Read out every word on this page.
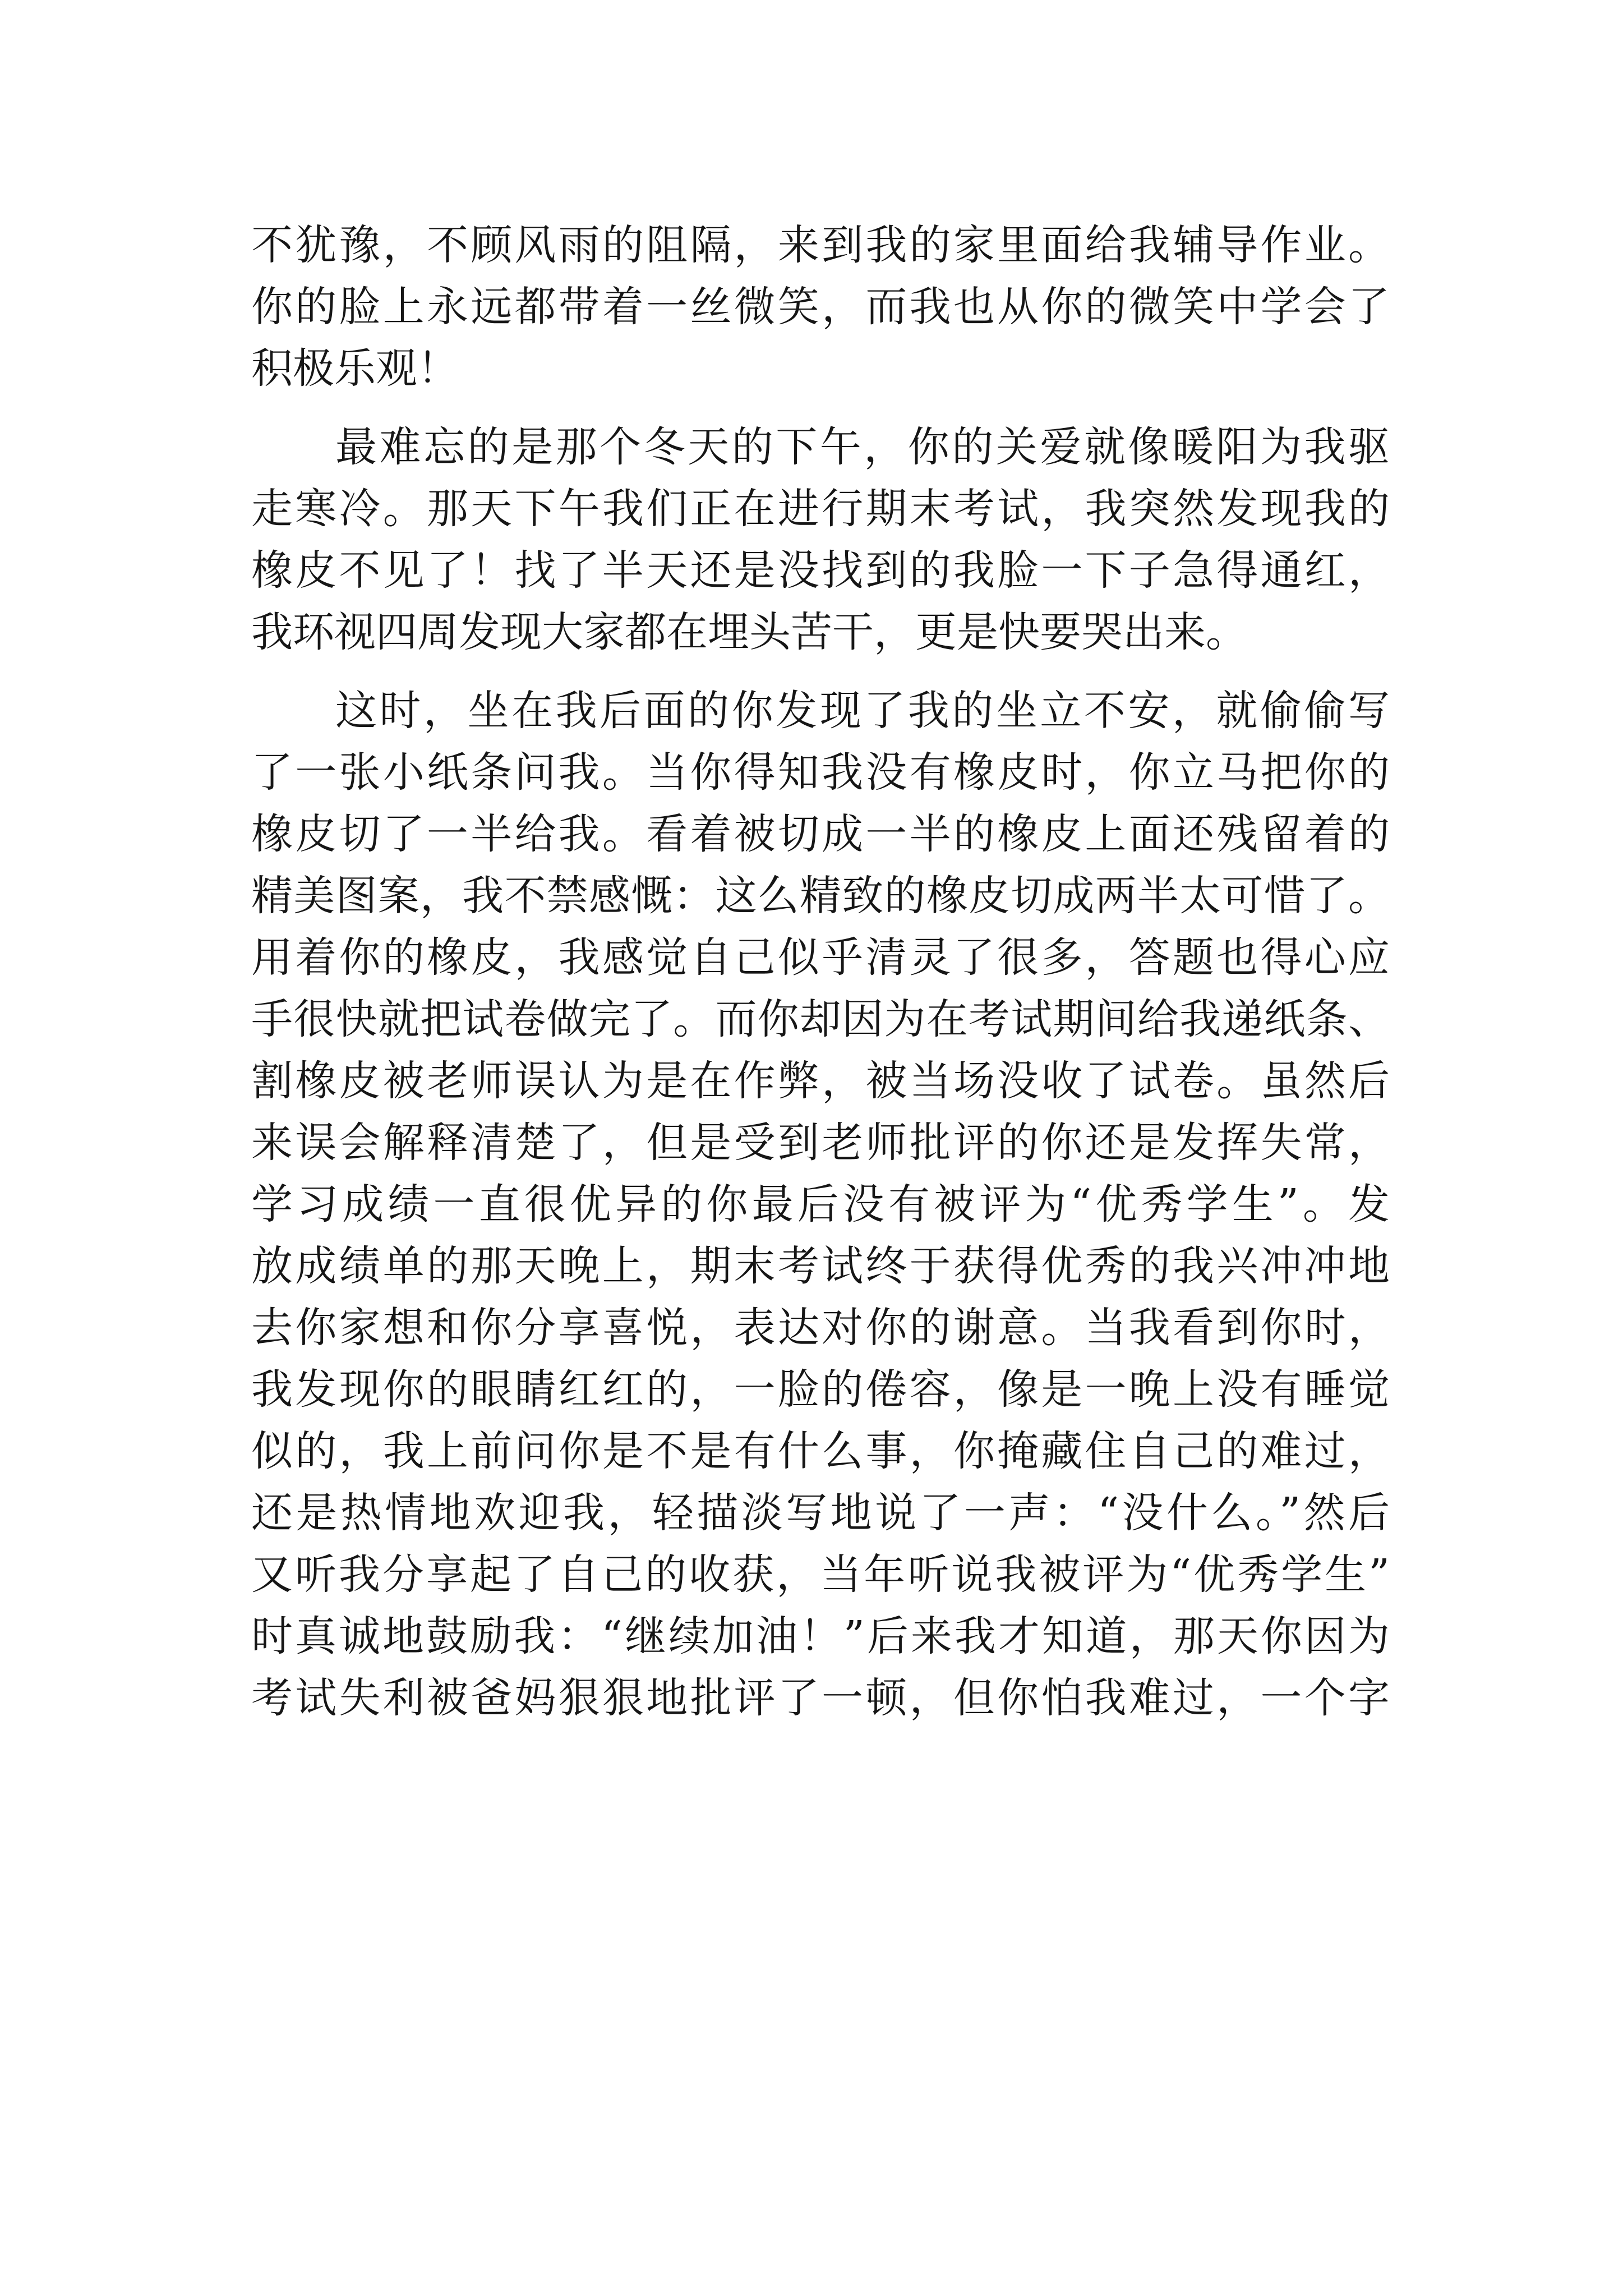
不犹豫，不顾风雨的阻隔，来到我的家里面给我辅导作业。
你的脸上永远都带着一丝微笑，而我也从你的微笑中学会了
积极乐观！
最难忘的是那个冬天的下午，你的关爱就像暖阳为我驱
走寒冷。那天下午我们正在进行期末考试，我突然发现我的
橡皮不见了！找了半天还是没找到的我脸一下子急得通红，
我环视四周发现大家都在埋头苦干，更是快要哭出来。
这时，坐在我后面的你发现了我的坐立不安，就偷偷写
了一张小纸条问我。当你得知我没有橡皮时，你立马把你的
橡皮切了一半给我。看着被切成一半的橡皮上面还残留着的
精美图案，我不禁感慨：这么精致的橡皮切成两半太可惜了。
用着你的橡皮，我感觉自己似乎清灵了很多，答题也得心应
手很快就把试卷做完了。而你却因为在考试期间给我递纸条、
割橡皮被老师误认为是在作弊，被当场没收了试卷。虽然后
来误会解释清楚了，但是受到老师批评的你还是发挥失常，
学习成绩一直很优异的你最后没有被评为“优秀学生”。发
放成绩单的那天晚上，期末考试终于获得优秀的我兴冲冲地
去你家想和你分享喜悦，表达对你的谢意。当我看到你时，
我发现你的眼睛红红的，一脸的倦容，像是一晚上没有睡觉
似的，我上前问你是不是有什么事，你掩藏住自己的难过，
还是热情地欢迎我，轻描淡写地说了一声：“没什么。”然后
又听我分享起了自己的收获，当年听说我被评为“优秀学生”
时真诚地鼓励我：“继续加油！”后来我才知道，那天你因为
考试失利被爸妈狠狠地批评了一顿，但你怕我难过，一个字
